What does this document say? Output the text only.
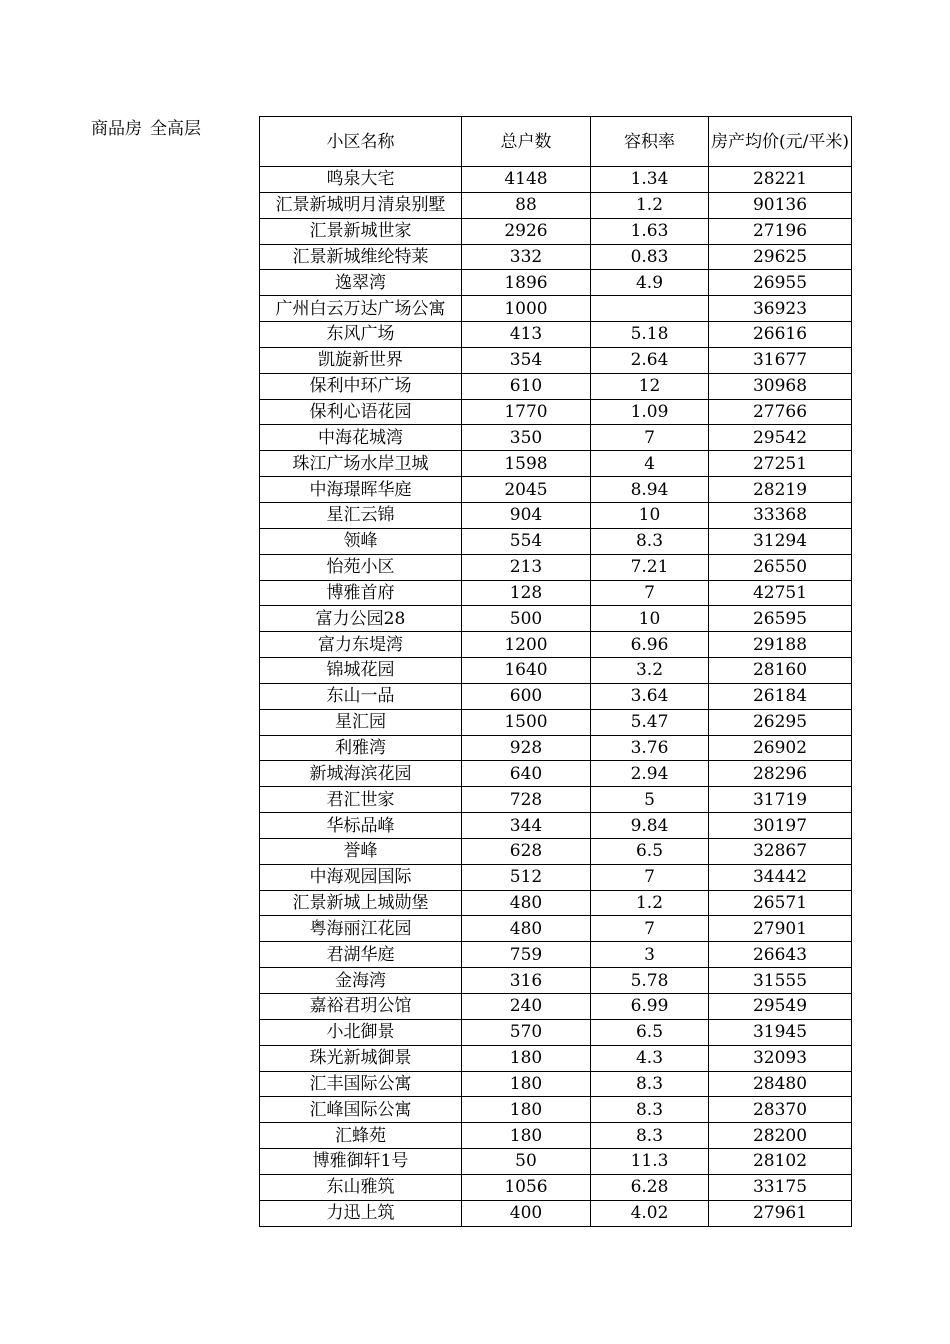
商品房 全高层
小区名称	总户数	容积率	房产均价(元/平米)
鸣泉大宅	4148	1.34	28221
汇景新城明月清泉别墅	88	1.2	90136
汇景新城世家	2926	1.63	27196
汇景新城维纶特莱	332	0.83	29625
逸翠湾	1896	4.9	26955
广州白云万达广场公寓	1000		36923
东风广场	413	5.18	26616
凯旋新世界	354	2.64	31677
保利中环广场	610	12	30968
保利心语花园	1770	1.09	27766
中海花城湾	350	7	29542
珠江广场水岸卫城	1598	4	27251
中海璟晖华庭	2045	8.94	28219
星汇云锦	904	10	33368
领峰	554	8.3	31294
怡苑小区	213	7.21	26550
博雅首府	128	7	42751
富力公园28	500	10	26595
富力东堤湾	1200	6.96	29188
锦城花园	1640	3.2	28160
东山一品	600	3.64	26184
星汇园	1500	5.47	26295
利雅湾	928	3.76	26902
新城海滨花园	640	2.94	28296
君汇世家	728	5	31719
华标品峰	344	9.84	30197
誉峰	628	6.5	32867
中海观园国际	512	7	34442
汇景新城上城勋堡	480	1.2	26571
粤海丽江花园	480	7	27901
君湖华庭	759	3	26643
金海湾	316	5.78	31555
嘉裕君玥公馆	240	6.99	29549
小北御景	570	6.5	31945
珠光新城御景	180	4.3	32093
汇丰国际公寓	180	8.3	28480
汇峰国际公寓	180	8.3	28370
汇蜂苑	180	8.3	28200
博雅御轩1号	50	11.3	28102
东山雅筑	1056	6.28	33175
力迅上筑	400	4.02	27961
